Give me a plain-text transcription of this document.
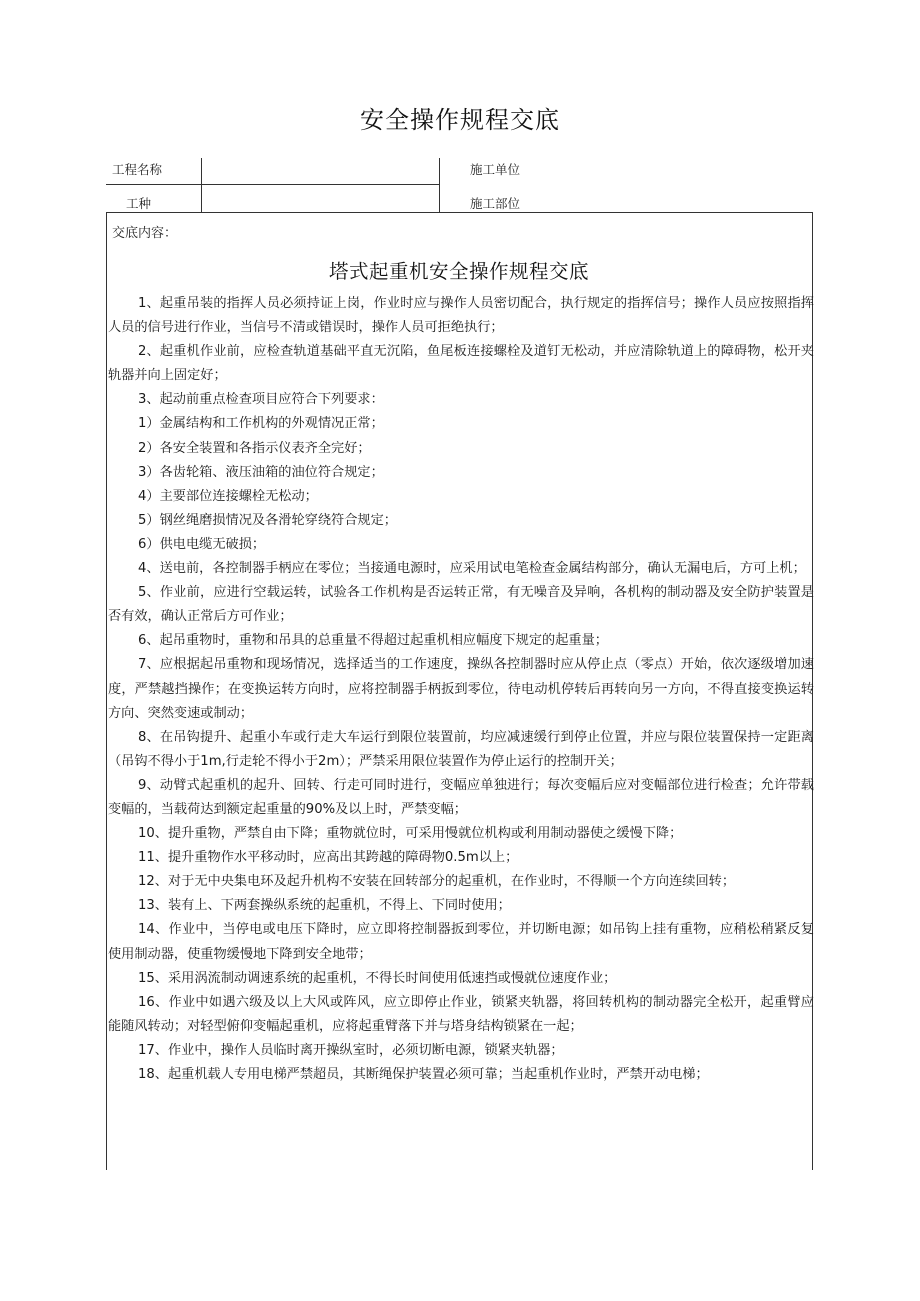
安全操作规程交底
工程名称	施工单位
工种	施工部位
交底内容：
塔式起重机安全操作规程交底

1、起重吊装的指挥人员必须持证上岗，作业时应与操作人员密切配合，执行规定的指挥信号；操作人员应按照指挥人员的信号进行作业，当信号不清或错误时，操作人员可拒绝执行；

2、起重机作业前，应检查轨道基础平直无沉陷，鱼尾板连接螺栓及道钉无松动，并应清除轨道上的障碍物，松开夹轨器并向上固定好；

3、起动前重点检查项目应符合下列要求：

1）金属结构和工作机构的外观情况正常；

2）各安全装置和各指示仪表齐全完好；

3）各齿轮箱、液压油箱的油位符合规定；

4）主要部位连接螺栓无松动；

5）钢丝绳磨损情况及各滑轮穿绕符合规定；

6）供电电缆无破损；

4、送电前，各控制器手柄应在零位；当接通电源时，应采用试电笔检查金属结构部分，确认无漏电后，方可上机；

5、作业前，应进行空载运转，试验各工作机构是否运转正常，有无噪音及异响，各机构的制动器及安全防护装置是否有效，确认正常后方可作业；

6、起吊重物时，重物和吊具的总重量不得超过起重机相应幅度下规定的起重量；

7、应根据起吊重物和现场情况，选择适当的工作速度，操纵各控制器时应从停止点（零点）开始，依次逐级增加速度，严禁越挡操作；在变换运转方向时，应将控制器手柄扳到零位，待电动机停转后再转向另一方向，不得直接变换运转方向、突然变速或制动；

8、在吊钩提升、起重小车或行走大车运行到限位装置前，均应减速缓行到停止位置，并应与限位装置保持一定距离（吊钩不得小于1m,行走轮不得小于2m）；严禁采用限位装置作为停止运行的控制开关；

9、动臂式起重机的起升、回转、行走可同时进行，变幅应单独进行；每次变幅后应对变幅部位进行检查；允许带载变幅的，当载荷达到额定起重量的90%及以上时，严禁变幅；

10、提升重物，严禁自由下降；重物就位时，可采用慢就位机构或利用制动器使之缓慢下降；

11、提升重物作水平移动时，应高出其跨越的障碍物0.5m以上；

12、对于无中央集电环及起升机构不安装在回转部分的起重机，在作业时，不得顺一个方向连续回转；

13、装有上、下两套操纵系统的起重机，不得上、下同时使用；

14、作业中，当停电或电压下降时，应立即将控制器扳到零位，并切断电源；如吊钩上挂有重物，应稍松稍紧反复使用制动器，使重物缓慢地下降到安全地带；

15、采用涡流制动调速系统的起重机，不得长时间使用低速挡或慢就位速度作业；

16、作业中如遇六级及以上大风或阵风，应立即停止作业，锁紧夹轨器，将回转机构的制动器完全松开，起重臂应能随风转动；对轻型俯仰变幅起重机，应将起重臂落下并与塔身结构锁紧在一起；

17、作业中，操作人员临时离开操纵室时，必须切断电源，锁紧夹轨器；

18、起重机载人专用电梯严禁超员，其断绳保护装置必须可靠；当起重机作业时，严禁开动电梯；
